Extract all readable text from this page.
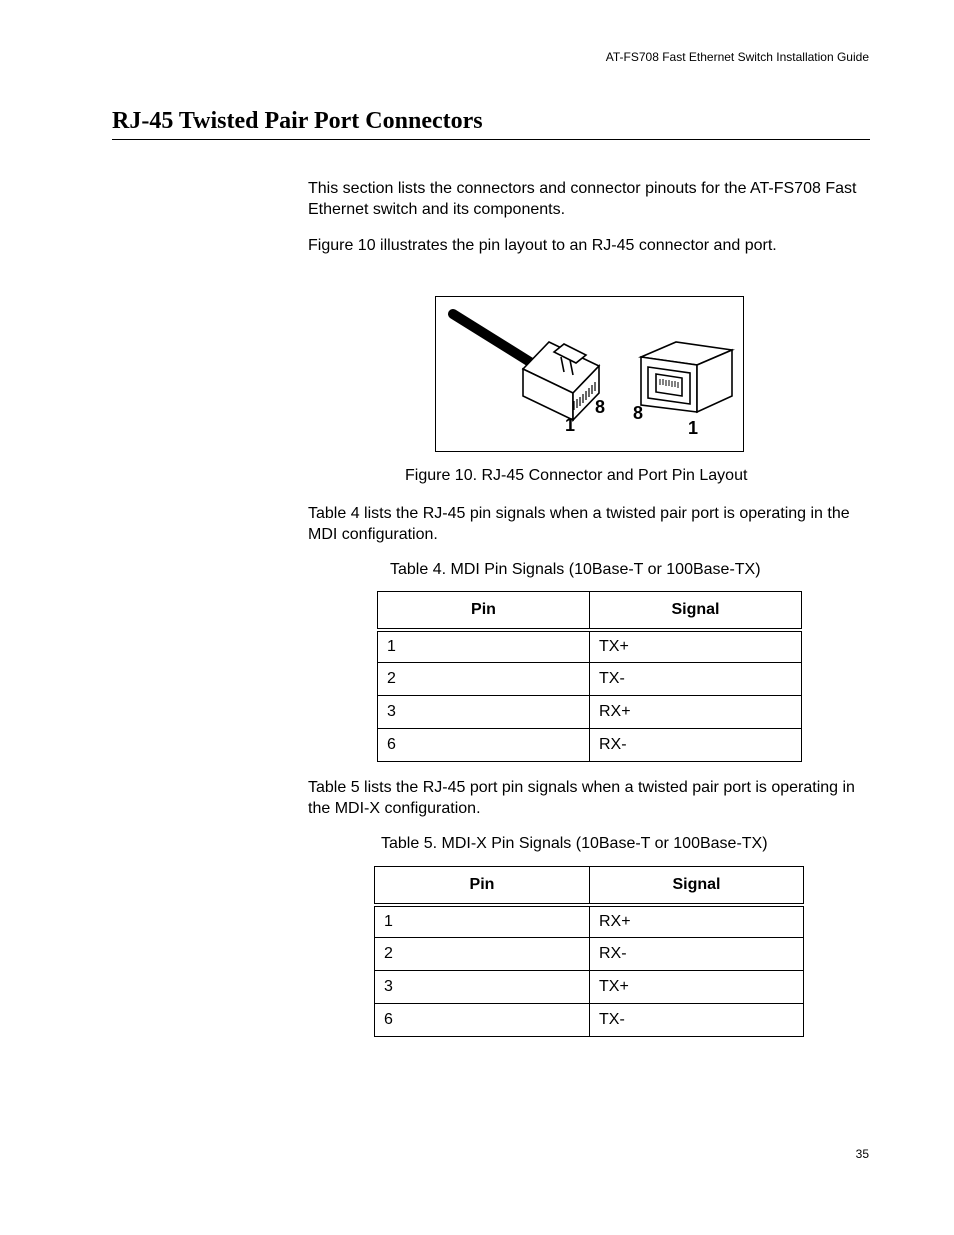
AT-FS708 Fast Ethernet Switch Installation Guide
RJ-45 Twisted Pair Port Connectors

This section lists the connectors and connector pinouts for the AT-FS708 Fast Ethernet switch and its components.

Figure 10 illustrates the pin layout to an RJ-45 connector and port.

1
8 8
1
Figure 10. RJ-45 Connector and Port Pin Layout

Table 4 lists the RJ-45 pin signals when a twisted pair port is operating in the MDI configuration.

Table 4. MDI Pin Signals (10Base-T or 100Base-TX)
Pin	Signal
1	TX+
2	TX-
3	RX+
6	RX-

Table 5 lists the RJ-45 port pin signals when a twisted pair port is operating in the MDI-X configuration.

Table 5. MDI-X Pin Signals (10Base-T or 100Base-TX)
Pin	Signal
1	RX+
2	RX-
3	TX+
6	TX-
35
